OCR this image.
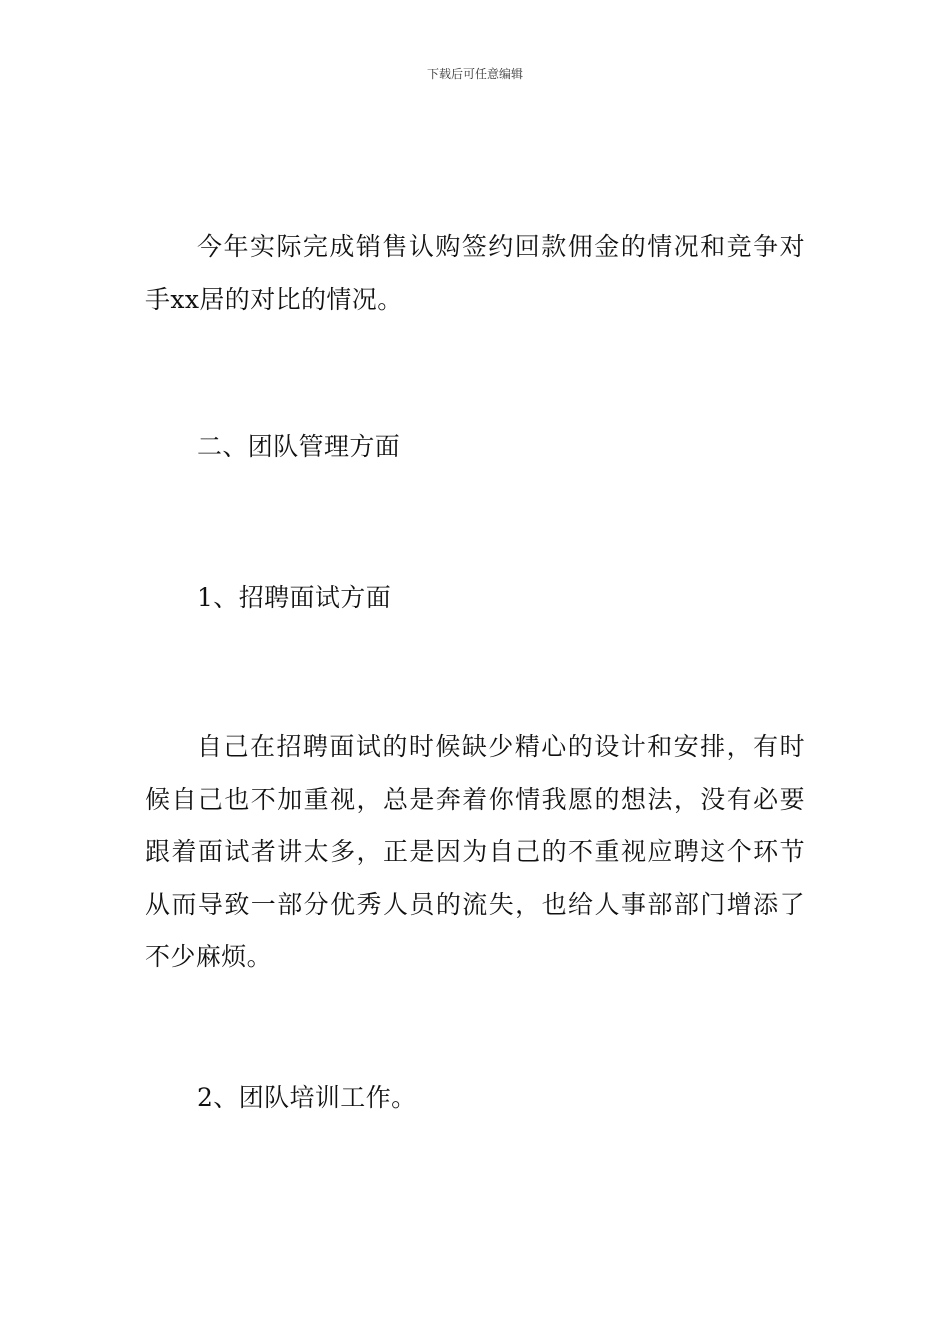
下载后可任意编辑
今年实际完成销售认购签约回款佣金的情况和竞争对手xx居的对比的情况。
二、团队管理方面
1、招聘面试方面
自己在招聘面试的时候缺少精心的设计和安排，有时候自己也不加重视，总是奔着你情我愿的想法，没有必要跟着面试者讲太多，正是因为自己的不重视应聘这个环节从而导致一部分优秀人员的流失，也给人事部部门增添了不少麻烦。
2、团队培训工作。
